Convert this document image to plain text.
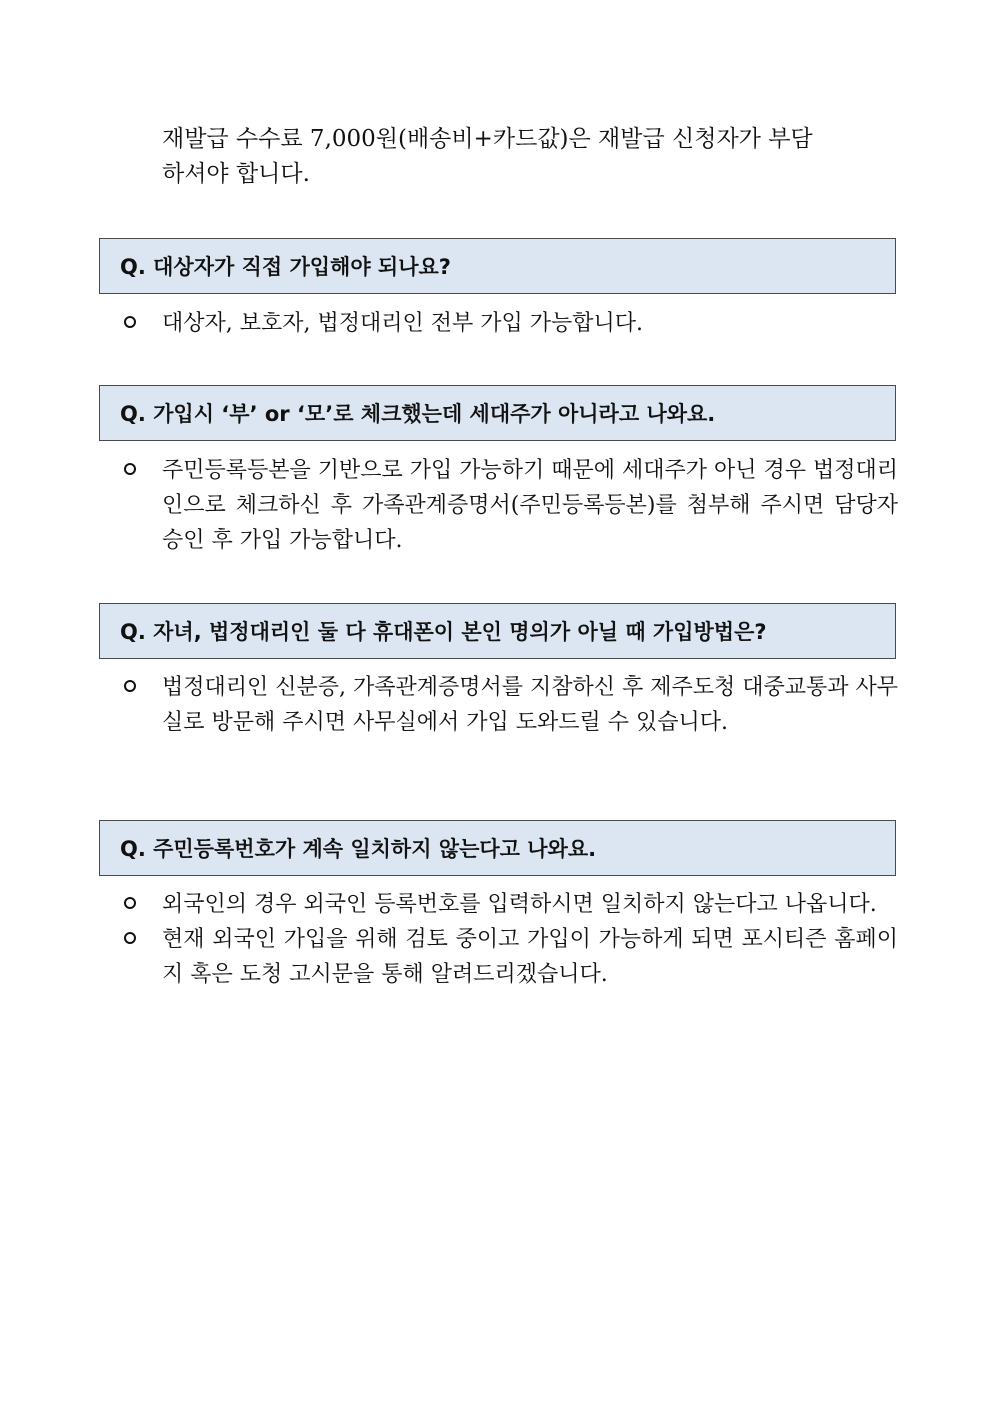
재발급 수수료 7,000원(배송비+카드값)은 재발급 신청자가 부담
하셔야 합니다.
Q. 대상자가 직접 가입해야 되나요?
대상자, 보호자, 법정대리인 전부 가입 가능합니다.
Q. 가입시 ‘부’ or ‘모’로 체크했는데 세대주가 아니라고 나와요.
주민등록등본을 기반으로 가입 가능하기 때문에 세대주가 아닌 경우 법정대리인으로 체크하신 후 가족관계증명서(주민등록등본)를 첨부해 주시면 담당자 승인 후 가입 가능합니다.
Q. 자녀, 법정대리인 둘 다 휴대폰이 본인 명의가 아닐 때 가입방법은?
법정대리인 신분증, 가족관계증명서를 지참하신 후 제주도청 대중교통과 사무실로 방문해 주시면 사무실에서 가입 도와드릴 수 있습니다.
Q. 주민등록번호가 계속 일치하지 않는다고 나와요.
외국인의 경우 외국인 등록번호를 입력하시면 일치하지 않는다고 나옵니다.
현재 외국인 가입을 위해 검토 중이고 가입이 가능하게 되면 포시티즌 홈페이지 혹은 도청 고시문을 통해 알려드리겠습니다.
